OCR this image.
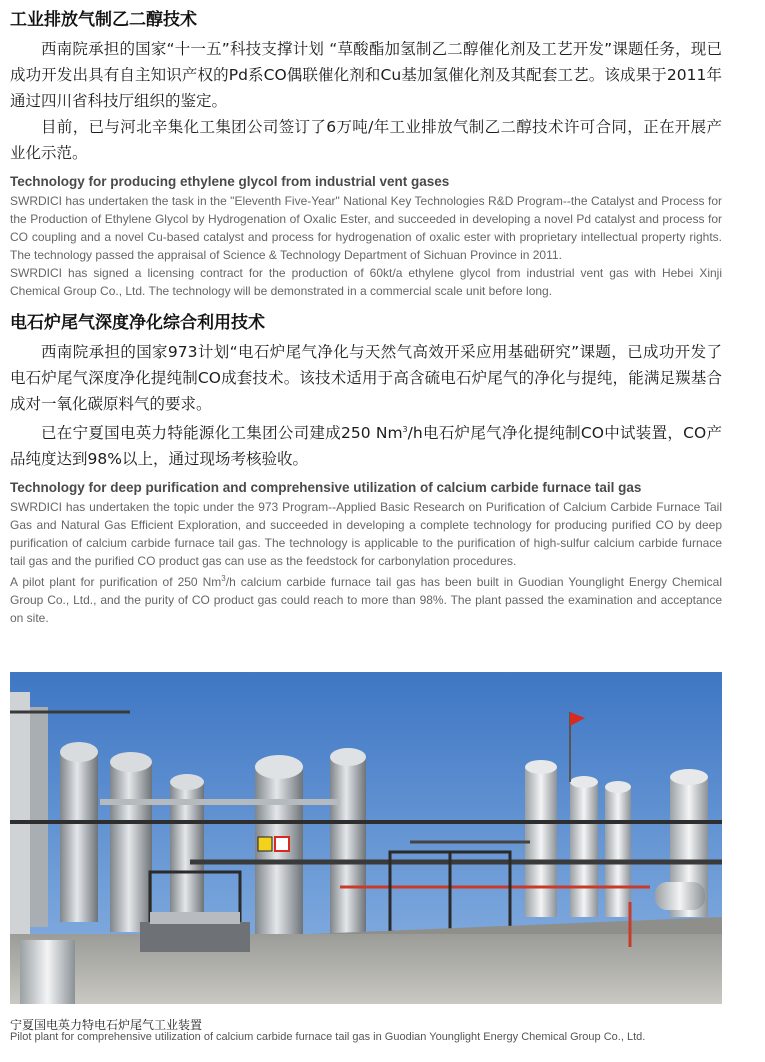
工业排放气制乙二醇技术

西南院承担的国家“十一五”科技支撑计划 “草酸酯加氢制乙二醇催化剂及工艺开发”课题任务，现已成功开发出具有自主知识产权的Pd系CO偶联催化剂和Cu基加氢催化剂及其配套工艺。该成果于2011年通过四川省科技厅组织的鉴定。

目前，已与河北辛集化工集团公司签订了6万吨/年工业排放气制乙二醇技术许可合同，正在开展产业化示范。

Technology for producing ethylene glycol from industrial vent gases

SWRDICI has undertaken the task in the "Eleventh Five-Year" National Key Technologies R&D Program--the Catalyst and Process for the Production of Ethylene Glycol by Hydrogenation of Oxalic Ester, and succeeded in developing a novel Pd catalyst and process for CO coupling and a novel Cu-based catalyst and process for hydrogenation of oxalic ester with proprietary intellectual property rights. The technology passed the appraisal of Science & Technology Department of Sichuan Province in 2011.

SWRDICI has signed a licensing contract for the production of 60kt/a ethylene glycol from industrial vent gas with Hebei Xinji Chemical Group Co., Ltd. The technology will be demonstrated in a commercial scale unit before long.

电石炉尾气深度净化综合利用技术

西南院承担的国家973计划“电石炉尾气净化与天然气高效开采应用基础研究”课题，已成功开发了电石炉尾气深度净化提纯制CO成套技术。该技术适用于高含硫电石炉尾气的净化与提纯，能满足羰基合成对一氧化碳原料气的要求。

已在宁夏国电英力特能源化工集团公司建成250 Nm$^3$/h电石炉尾气净化提纯制CO中试装置，CO产品纯度达到98%以上，通过现场考核验收。

Technology for deep purification and comprehensive utilization of calcium carbide furnace tail gas

SWRDICI has undertaken the topic under the 973 Program--Applied Basic Research on Purification of Calcium Carbide Furnace Tail Gas and Natural Gas Efficient Exploration, and succeeded in developing a complete technology for producing purified CO by deep purification of calcium carbide furnace tail gas. The technology is applicable to the purification of high-sulfur calcium carbide furnace tail gas and the purified CO product gas can use as the feedstock for carbonylation procedures.

A pilot plant for purification of 250 Nm$^3$/h calcium carbide furnace tail gas has been built in Guodian Younglight Energy Chemical Group Co., Ltd., and the purity of CO product gas could reach to more than 98%. The plant passed the examination and acceptance on site.

宁夏国电英力特电石炉尾气工业装置
Pilot plant for comprehensive utilization of calcium carbide furnace tail gas in Guodian Younglight Energy Chemical Group Co., Ltd.
